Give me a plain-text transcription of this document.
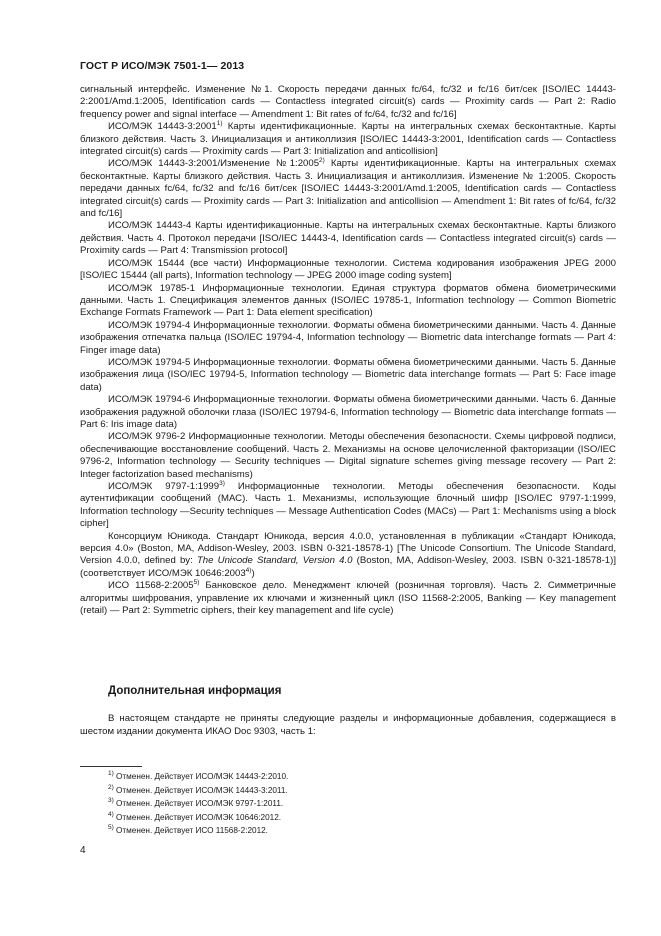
ГОСТ Р ИСО/МЭК 7501-1— 2013

сигнальный интерфейс. Изменение №1. Скорость передачи данных fc/64, fc/32 и fc/16 бит/сек [ISO/IEC 14443-2:2001/Amd.1:2005, Identification cards — Contactless integrated circuit(s) cards — Proximity cards — Part 2: Radio frequency power and signal interface — Amendment 1: Bit rates of fc/64, fc/32 and fc/16]

ИСО/МЭК 14443-3:2001$^{1)}$ Карты идентификационные. Карты на интегральных схемах бесконтактные. Карты близкого действия. Часть 3. Инициализация и антиколлизия [ISO/IEC 14443-3:2001, Identification cards — Contactless integrated circuit(s) cards — Proximity cards — Part 3: Initialization and anticollision]

ИСО/МЭК 14443-3:2001/Изменение №1:2005$^{2)}$ Карты идентификационные. Карты на интегральных схемах бесконтактные. Карты близкого действия. Часть 3. Инициализация и антиколлизия. Изменение № 1:2005. Скорость передачи данных fc/64, fc/32 and fc/16 бит/сек [ISO/IEC 14443-3:2001/Amd.1:2005, Identification cards — Contactless integrated circuit(s) cards — Proximity cards — Part 3: Initialization and anticollision — Amendment 1: Bit rates of fc/64, fc/32 and fc/16]

ИСО/МЭК 14443-4 Карты идентификационные. Карты на интегральных схемах бесконтактные. Карты близкого действия. Часть 4. Протокол передачи [ISO/IEC 14443-4, Identification cards — Contactless integrated circuit(s) cards — Proximity cards — Part 4: Transmission protocol]

ИСО/МЭК 15444 (все части) Информационные технологии. Система кодирования изображения JPEG 2000 [ISO/IEC 15444 (all parts), Information technology — JPEG 2000 image coding system]

ИСО/МЭК 19785-1 Информационные технологии. Единая структура форматов обмена биометрическими данными. Часть 1. Спецификация элементов данных (ISO/IEC 19785-1, Information technology — Common Biometric Exchange Formats Framework — Part 1: Data element specification)

ИСО/МЭК 19794-4 Информационные технологии. Форматы обмена биометрическими данными. Часть 4. Данные изображения отпечатка пальца (ISO/IEC 19794-4, Information technology — Biometric data interchange formats — Part 4: Finger image data)

ИСО/МЭК 19794-5 Информационные технологии. Форматы обмена биометрическими данными. Часть 5. Данные изображения лица (ISO/IEC 19794-5, Information technology — Biometric data interchange formats — Part 5: Face image data)

ИСО/МЭК 19794-6 Информационные технологии. Форматы обмена биометрическими данными. Часть 6. Данные изображения радужной оболочки глаза (ISO/IEC 19794-6, Information technology — Biometric data interchange formats — Part 6: Iris image data)

ИСО/МЭК 9796-2 Информационные технологии. Методы обеспечения безопасности. Схемы цифровой подписи, обеспечивающие восстановление сообщений. Часть 2. Механизмы на основе целочисленной факторизации (ISO/IEC 9796-2, Information technology — Security techniques — Digital signature schemes giving message recovery — Part 2: Integer factorization based mechanisms)

ИСО/МЭК 9797-1:1999$^{3)}$ Информационные технологии. Методы обеспечения безопасности. Коды аутентификации сообщений (МАС). Часть 1. Механизмы, использующие блочный шифр [ISO/IEC 9797-1:1999, Information technology —Security techniques — Message Authentication Codes (MACs) — Part 1: Mechanisms using a block cipher]

Консорциум Юникода. Стандарт Юникода, версия 4.0.0, установленная в публикации «Стандарт Юникода, версия 4.0» (Boston, MA, Addison-Wesley, 2003. ISBN 0-321-18578-1) [The Unicode Consortium. The Unicode Standard, Version 4.0.0, defined by: The Unicode Standard, Version 4.0 (Boston, MA, Addison-Wesley, 2003. ISBN 0-321-18578-1)] (соответствует ИСО/МЭК 10646:2003$^{4)}$)

ИСО 11568-2:2005$^{5)}$ Банковское дело. Менеджмент ключей (розничная торговля). Часть 2. Симметричные алгоритмы шифрования, управление их ключами и жизненный цикл (ISO 11568-2:2005, Banking — Key management (retail) — Part 2: Symmetric ciphers, their key management and life cycle)

Дополнительная информация
В настоящем стандарте не приняты следующие разделы и информационные добавления, содержащиеся в шестом издании документа ИКАО Doc 9303, часть 1:
$^{1)}$ Отменен. Действует ИСО/МЭК 14443-2:2010.
$^{2)}$ Отменен. Действует ИСО/МЭК 14443-3:2011.
$^{3)}$ Отменен. Действует ИСО/МЭК 9797-1:2011.
$^{4)}$ Отменен. Действует ИСО/МЭК 10646:2012.
$^{5)}$ Отменен. Действует ИСО 11568-2:2012.
4
